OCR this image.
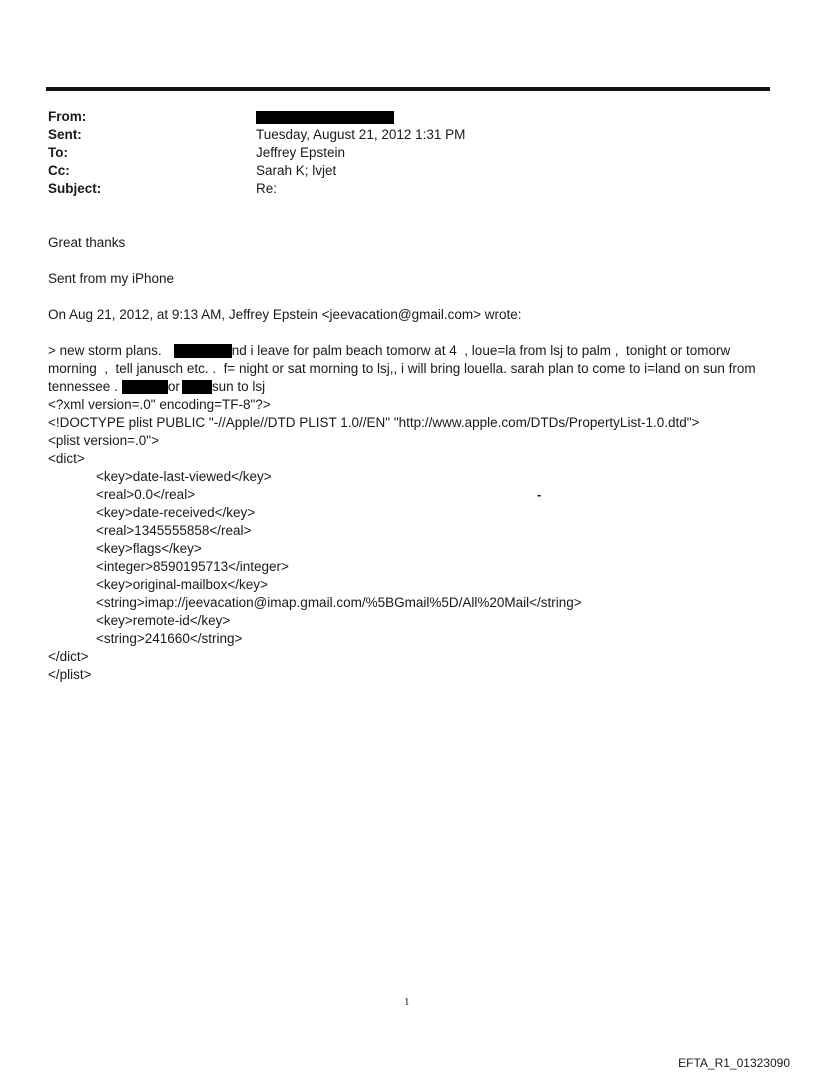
From:
Sent:	Tuesday, August 21, 2012 1:31 PM
To:	Jeffrey Epstein
Cc:	Sarah K; lvjet
Subject:	Re:
Great thanks
Sent from my iPhone
On Aug 21, 2012, at 9:13 AM, Jeffrey Epstein <jeevacation@gmail.com> wrote:
> new storm plans.	nd i leave for palm beach tomorw at 4  , loue=la from lsj to palm ,  tonight or tomorw
morning  ,  tell janusch etc. .  f= night or sat morning to lsj,, i will bring louella. sarah plan to come to i=land on sun from
tennessee .	or sun to lsj
<?xml version=.0" encoding=TF-8"?>
<!DOCTYPE plist PUBLIC "-//Apple//DTD PLIST 1.0//EN" "http://www.apple.com/DTDs/PropertyList-1.0.dtd">
<plist version=.0">
<dict>
<key>date-last-viewed</key>
<real>0.0</real>
<key>date-received</key>
<real>1345555858</real>
<key>flags</key>
<integer>8590195713</integer>
<key>original-mailbox</key>
<string>imap://jeevacation@imap.gmail.com/%5BGmail%5D/All%20Mail</string>
<key>remote-id</key>
<string>241660</string>
</dict>
</plist>
-
1
EFTA_R1_01323090
